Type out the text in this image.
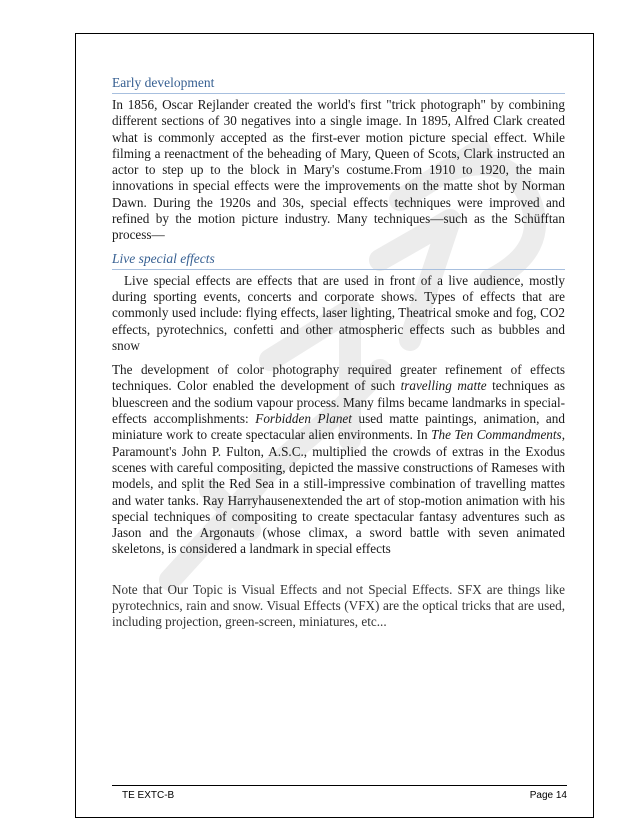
Early development

In 1856, Oscar Rejlander created the world's first "trick photograph" by combining different sections of 30 negatives into a single image. In 1895, Alfred Clark created what is commonly accepted as the first-ever motion picture special effect. While filming a reenactment of the beheading of Mary, Queen of Scots, Clark instructed an actor to step up to the block in Mary's costume.From 1910 to 1920, the main innovations in special effects were the improvements on the matte shot by Norman Dawn. During the 1920s and 30s, special effects techniques were improved and refined by the motion picture industry. Many techniques—such as the Schüfftan process—

Live special effects

Live special effects are effects that are used in front of a live audience, mostly during sporting events, concerts and corporate shows. Types of effects that are commonly used include: flying effects, laser lighting, Theatrical smoke and fog, CO2 effects, pyrotechnics, confetti and other atmospheric effects such as bubbles and snow

The development of color photography required greater refinement of effects techniques. Color enabled the development of such travelling matte techniques as bluescreen and the sodium vapour process. Many films became landmarks in special-effects accomplishments: Forbidden Planet used matte paintings, animation, and miniature work to create spectacular alien environments. In The Ten Commandments, Paramount's John P. Fulton, A.S.C., multiplied the crowds of extras in the Exodus scenes with careful compositing, depicted the massive constructions of Rameses with models, and split the Red Sea in a still-impressive combination of travelling mattes and water tanks. Ray Harryhausenextended the art of stop-motion animation with his special techniques of compositing to create spectacular fantasy adventures such as Jason and the Argonauts (whose climax, a sword battle with seven animated skeletons, is considered a landmark in special effects

Note that Our Topic is Visual Effects and not Special Effects. SFX are things like pyrotechnics, rain and snow. Visual Effects (VFX) are the optical tricks that are used, including projection, green-screen, miniatures, etc...

TE EXTC-B	Page 14
